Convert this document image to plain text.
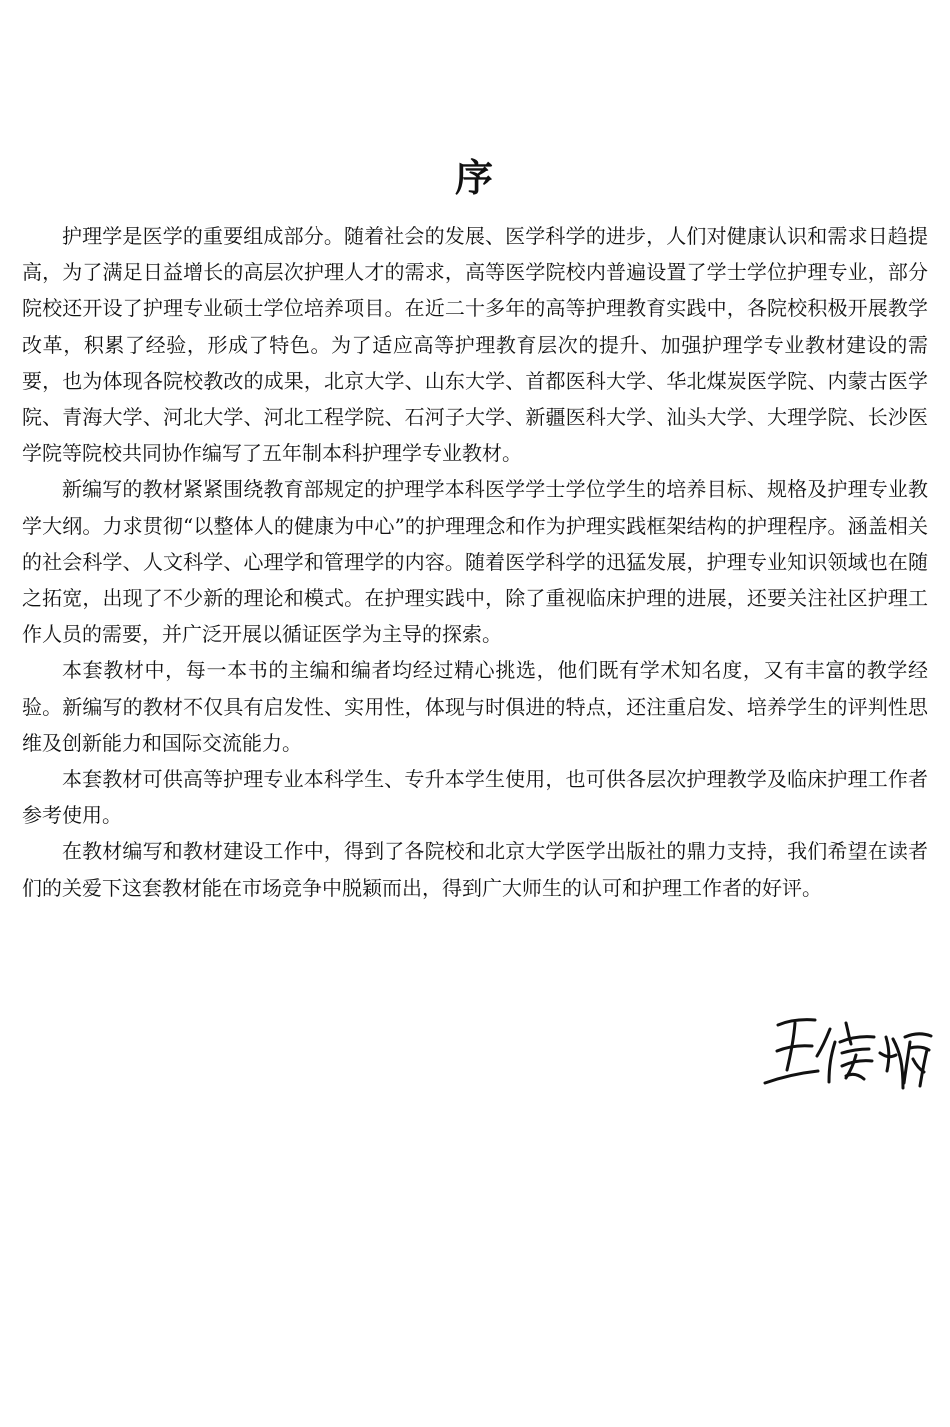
序

护理学是医学的重要组成部分。随着社会的发展、医学科学的进步，人们对健康认识和需求日趋提高，为了满足日益增长的高层次护理人才的需求，高等医学院校内普遍设置了学士学位护理专业，部分院校还开设了护理专业硕士学位培养项目。在近二十多年的高等护理教育实践中，各院校积极开展教学改革，积累了经验，形成了特色。为了适应高等护理教育层次的提升、加强护理学专业教材建设的需要，也为体现各院校教改的成果，北京大学、山东大学、首都医科大学、华北煤炭医学院、内蒙古医学院、青海大学、河北大学、河北工程学院、石河子大学、新疆医科大学、汕头大学、大理学院、长沙医学院等院校共同协作编写了五年制本科护理学专业教材。

新编写的教材紧紧围绕教育部规定的护理学本科医学学士学位学生的培养目标、规格及护理专业教学大纲。力求贯彻“以整体人的健康为中心”的护理理念和作为护理实践框架结构的护理程序。涵盖相关的社会科学、人文科学、心理学和管理学的内容。随着医学科学的迅猛发展，护理专业知识领域也在随之拓宽，出现了不少新的理论和模式。在护理实践中，除了重视临床护理的进展，还要关注社区护理工作人员的需要，并广泛开展以循证医学为主导的探索。

本套教材中，每一本书的主编和编者均经过精心挑选，他们既有学术知名度，又有丰富的教学经验。新编写的教材不仅具有启发性、实用性，体现与时俱进的特点，还注重启发、培养学生的评判性思维及创新能力和国际交流能力。

本套教材可供高等护理专业本科学生、专升本学生使用，也可供各层次护理教学及临床护理工作者参考使用。

在教材编写和教材建设工作中，得到了各院校和北京大学医学出版社的鼎力支持，我们希望在读者们的关爱下这套教材能在市场竞争中脱颖而出，得到广大师生的认可和护理工作者的好评。
